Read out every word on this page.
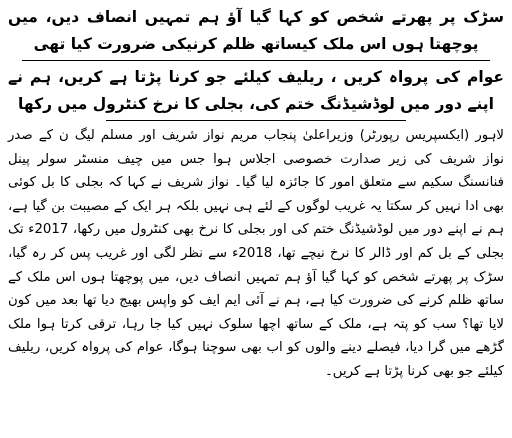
سڑک پر پھرتے شخص کو کہا گیا آؤ ہم تمہیں انصاف دیں، میں پوچھتا ہوں اس ملک کیساتھ ظلم کرنیکی ضرورت کیا تھی

عوام کی پرواہ کریں ، ریلیف کیلئے جو کرنا پڑتا ہے کریں، ہم نے اپنے دور میں لوڈشیڈنگ ختم کی، بجلی کا نرخ کنٹرول میں رکھا

لاہور (ایکسپریس رپورٹر) وزیراعلیٰ پنجاب مریم نواز شریف اور مسلم لیگ ن کے صدر نواز شریف کی زیر صدارت خصوصی اجلاس ہوا جس میں چیف منسٹر سولر پینل فنانسنگ سکیم سے متعلق امور کا جائزہ لیا گیا۔ نواز شریف نے کہا کہ بجلی کا بل کوئی بھی ادا نہیں کر سکتا یہ غریب لوگوں کے لئے ہی نہیں بلکہ ہر ایک کے مصیبت بن گیا ہے، ہم نے اپنے دور میں لوڈشیڈنگ ختم کی اور بجلی کا نرخ بھی کنٹرول میں رکھا، 2017ء تک بجلی کے بل کم اور ڈالر کا نرخ نیچے تھا، 2018ء سے نظر لگی اور غریب پس کر رہ گیا، سڑک پر پھرتے شخص کو کہا گیا آؤ ہم تمہیں انصاف دیں، میں پوچھتا ہوں اس ملک کے ساتھ ظلم کرنے کی ضرورت کیا ہے، ہم نے آئی ایم ایف کو واپس بھیج دیا تھا بعد میں کون لایا تھا؟ سب کو پتہ ہے، ملک کے ساتھ اچھا سلوک نہیں کیا جا رہا، ترقی کرتا ہوا ملک گڑھے میں گرا دیا، فیصلے دینے والوں کو اب بھی سوچنا ہوگا، عوام کی پرواہ کریں، ریلیف کیلئے جو بھی کرنا پڑتا ہے کریں۔
